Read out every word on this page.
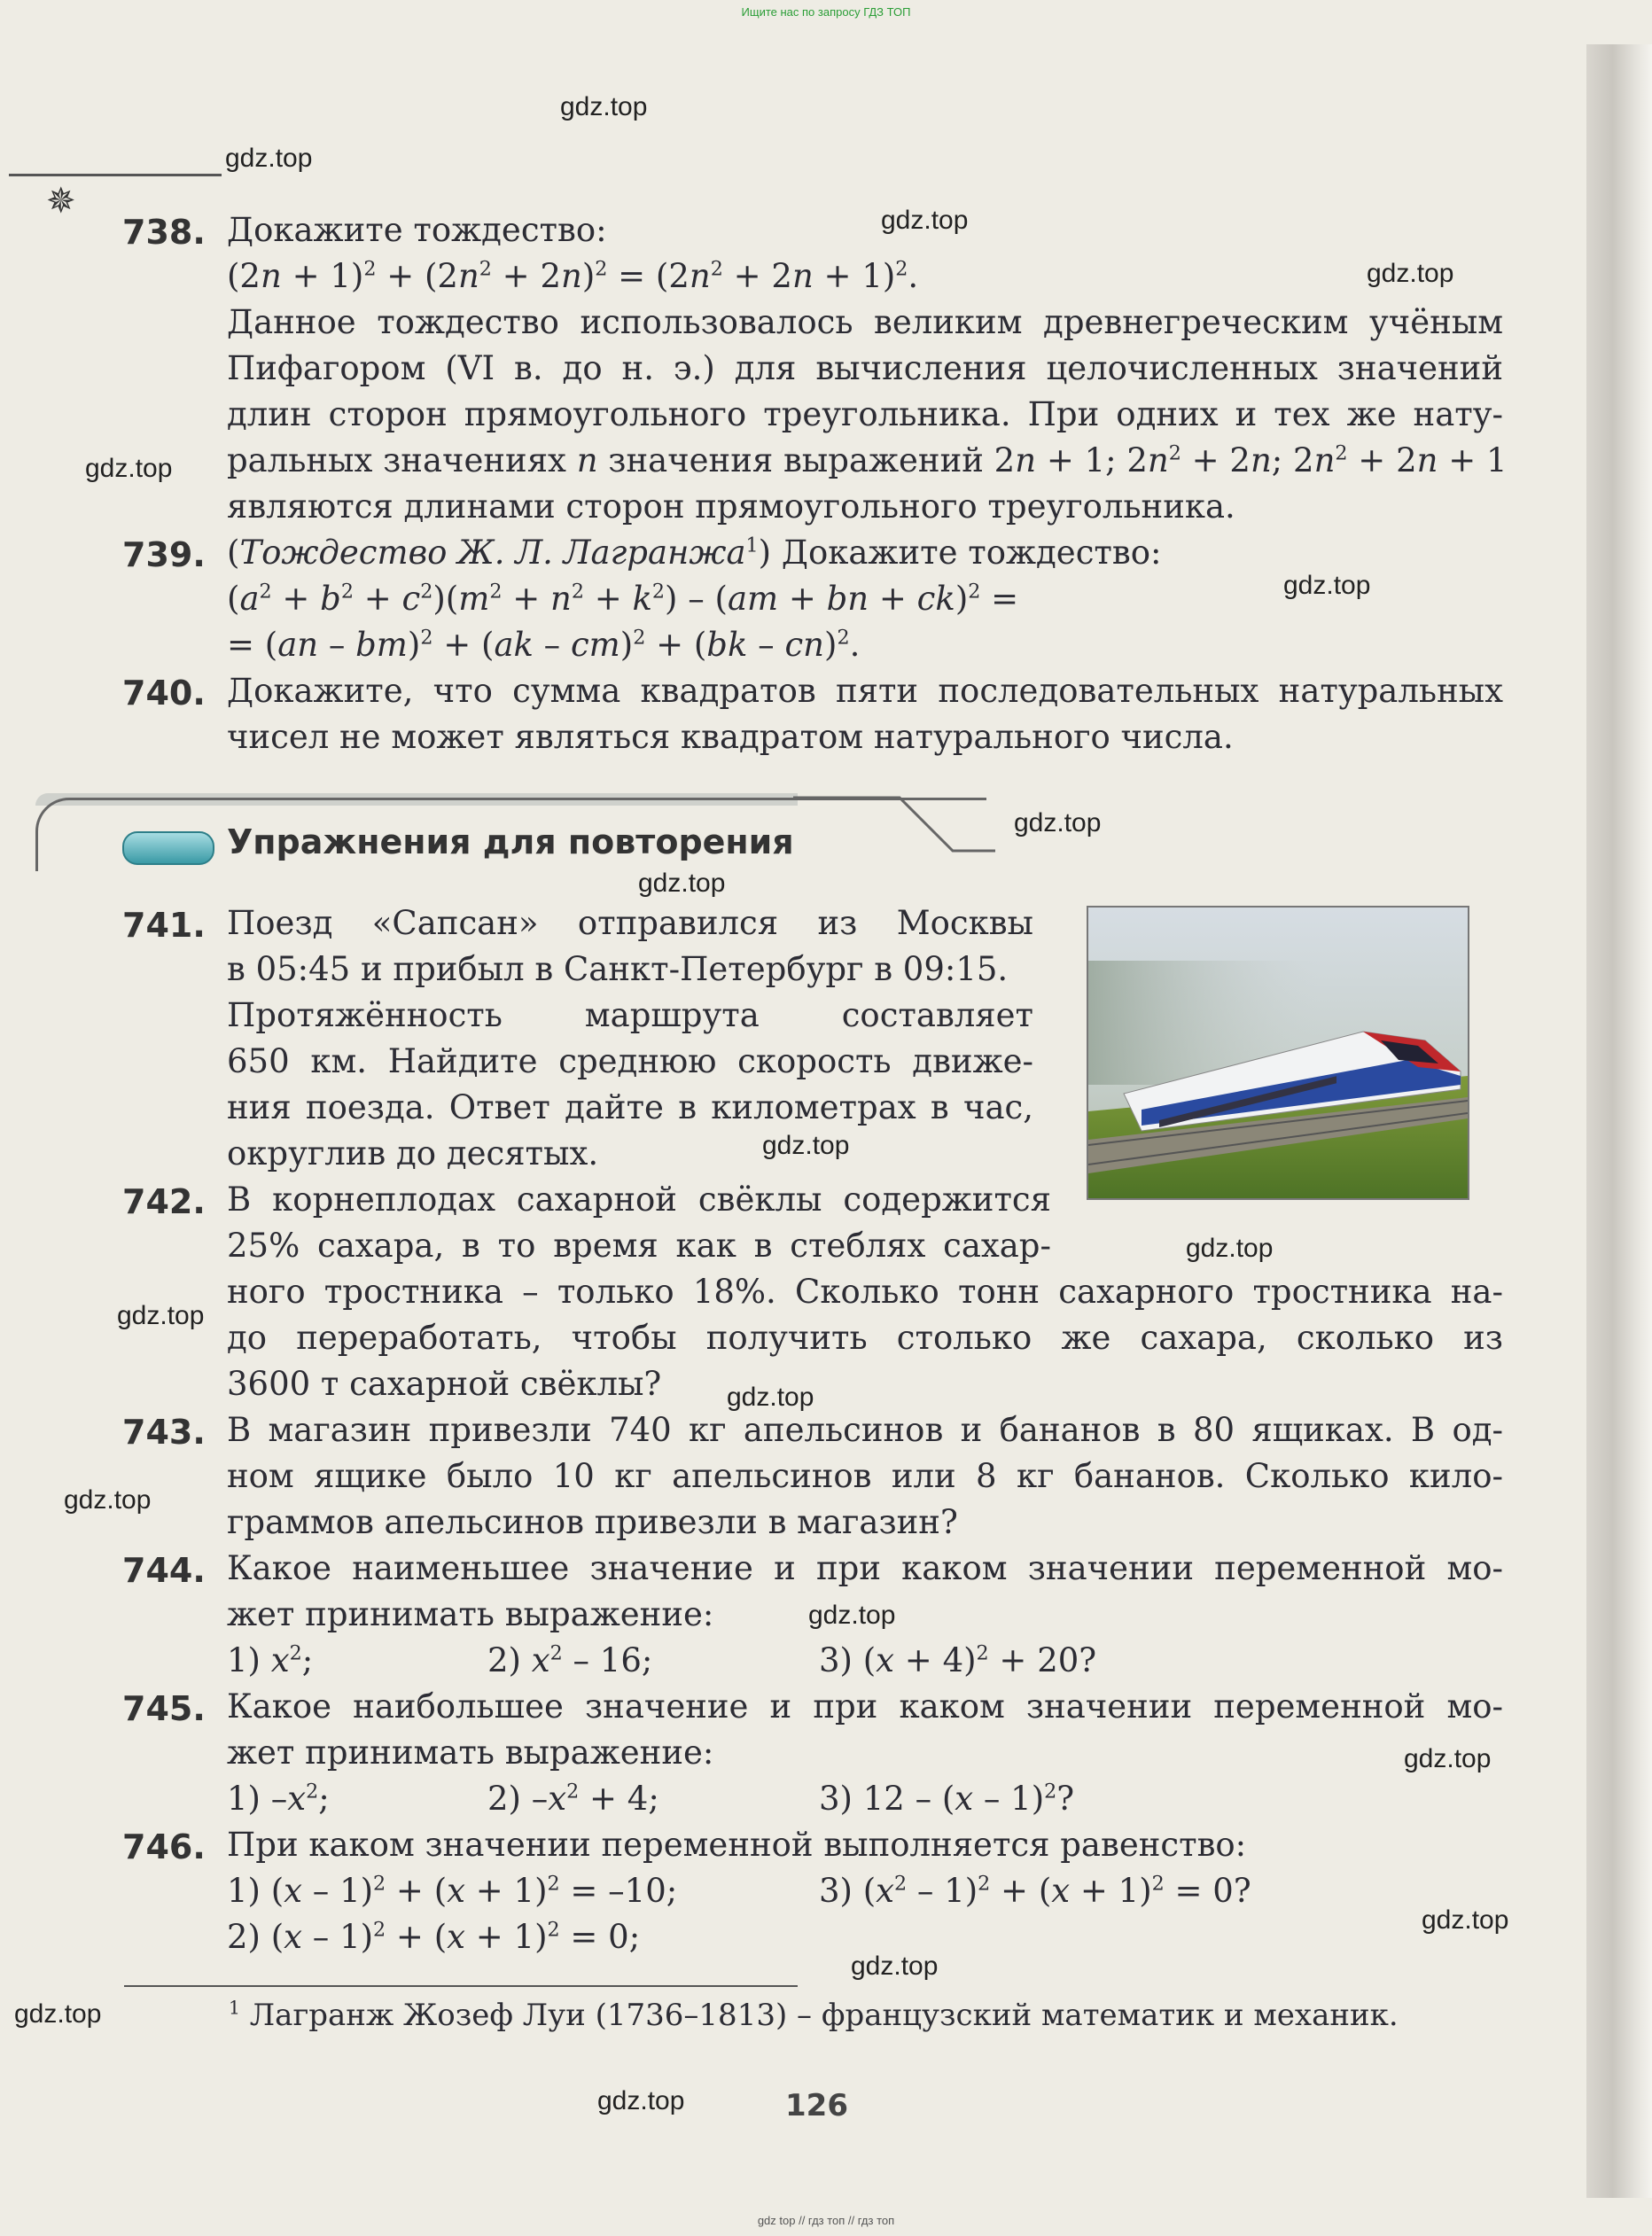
Ищите нас по запросу ГДЗ ТОП
gdz.top
gdz.top
gdz.top
gdz.top
gdz.top
gdz.top
gdz.top
gdz.top
gdz.top
gdz.top
gdz.top
gdz.top
gdz.top
gdz.top
gdz.top
gdz.top
gdz.top
gdz.top
gdz.top
✵
738. Докажите тождество:
$(2n + 1)^2 + (2n^2 + 2n)^2 = (2n^2 + 2n + 1)^2$.
Данное тождество использовалось великим древнегреческим учёным
Пифагором (VI в. до н. э.) для вычисления целочисленных значений
длин сторон прямоугольного треугольника. При одних и тех же нату-
ральных значениях n значения выражений 2n + 1; $2n^2 + 2n$; $2n^2 + 2n + 1$
являются длинами сторон прямоугольного треугольника.
739. (Тождество Ж. Л. Лагранжа$^1$) Докажите тождество:
$(a^2 + b^2 + c^2)(m^2 + n^2 + k^2) - (am$ + bn + ck)$^2$ =
= (an – bm)$^2$ + (ak – cm)$^2$ + (bk – cn)$^2$.
740. Докажите, что сумма квадратов пяти последовательных натуральных
чисел не может являться квадратом натурального числа.
Упражнения для повторения
741. Поезд «Сапсан» отправился из Москвы
в 05:45 и прибыл в Санкт-Петербург в 09:15.
Протяжённость маршрута составляет
650 км. Найдите среднюю скорость движе-
ния поезда. Ответ дайте в километрах в час,
округлив до десятых.
742. В корнеплодах сахарной свёклы содержится
25% сахара, в то время как в стеблях сахар-
ного тростника – только 18%. Сколько тонн сахарного тростника на-
до переработать, чтобы получить столько же сахара, сколько из
3600 т сахарной свёклы?
743. В магазин привезли 740 кг апельсинов и бананов в 80 ящиках. В од-
ном ящике было 10 кг апельсинов или 8 кг бананов. Сколько кило-
граммов апельсинов привезли в магазин?
744. Какое наименьшее значение и при каком значении переменной мо-
жет принимать выражение:
1) $x^2$;	2) $x^2 - 16$;	3) $(x + 4)^2 + 20$?
745. Какое наибольшее значение и при каком значении переменной мо-
жет принимать выражение:
1) $-x^2$;	2) $-x^2 + 4$;	3) 12 – (x – 1)$^2$?
746. При каком значении переменной выполняется равенство:
1) $(x - 1)^2 + (x + 1)^2 = -10$;	3) $(x^2 - 1)^2 + (x + 1)^2 = 0$?
2) $(x - 1)^2 + (x + 1)^2 = 0$;
$^1$ Лагранж Жозеф Луи (1736–1813) – французский математик и механик.
126
gdz top // гдз топ // гдз топ
